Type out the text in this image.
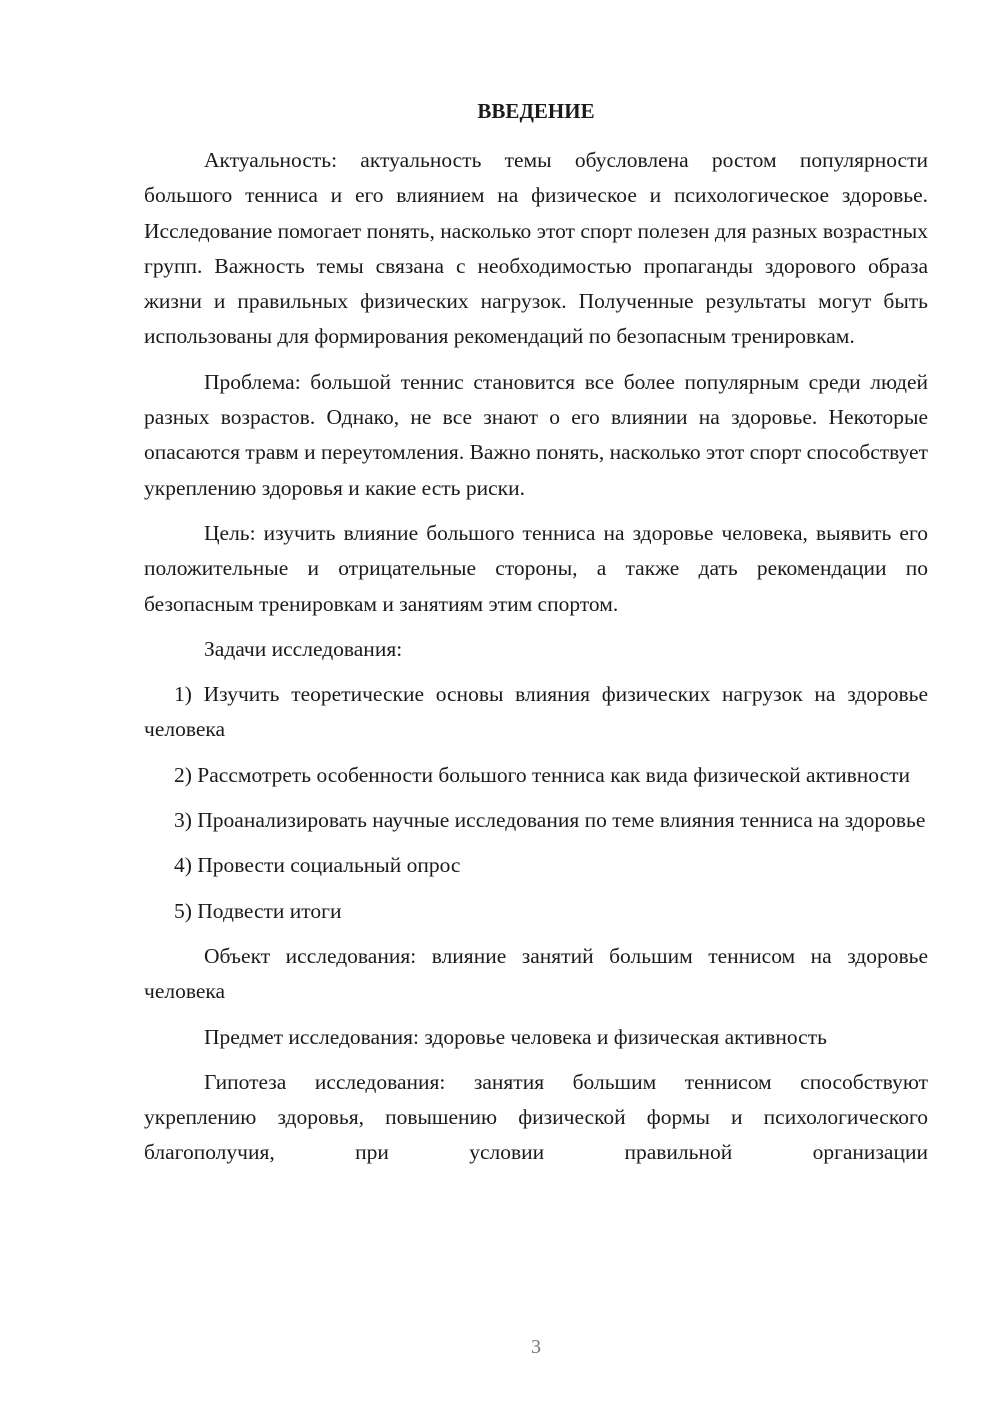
ВВЕДЕНИЕ

Актуальность: актуальность темы обусловлена ростом популярности большого тенниса и его влиянием на физическое и психологическое здоровье. Исследование помогает понять, насколько этот спорт полезен для разных возрастных групп. Важность темы связана с необходимостью пропаганды здорового образа жизни и правильных физических нагрузок. Полученные результаты могут быть использованы для формирования рекомендаций по безопасным тренировкам.

Проблема: большой теннис становится все более популярным среди людей разных возрастов. Однако, не все знают о его влиянии на здоровье. Некоторые опасаются травм и переутомления. Важно понять, насколько этот спорт способствует укреплению здоровья и какие есть риски.

Цель: изучить влияние большого тенниса на здоровье человека, выявить его положительные и отрицательные стороны, а также дать рекомендации по безопасным тренировкам и занятиям этим спортом.

Задачи исследования:

1) Изучить теоретические основы влияния физических нагрузок на здоровье человека

2) Рассмотреть особенности большого тенниса как вида физической активности

3) Проанализировать научные исследования по теме влияния тенниса на здоровье

4) Провести социальный опрос

5) Подвести итоги

Объект исследования: влияние занятий большим теннисом на здоровье человека

Предмет исследования: здоровье человека и физическая активность

Гипотеза исследования: занятия большим теннисом способствуют укреплению здоровья, повышению физической формы и психологического благополучия, при условии правильной организации

3
